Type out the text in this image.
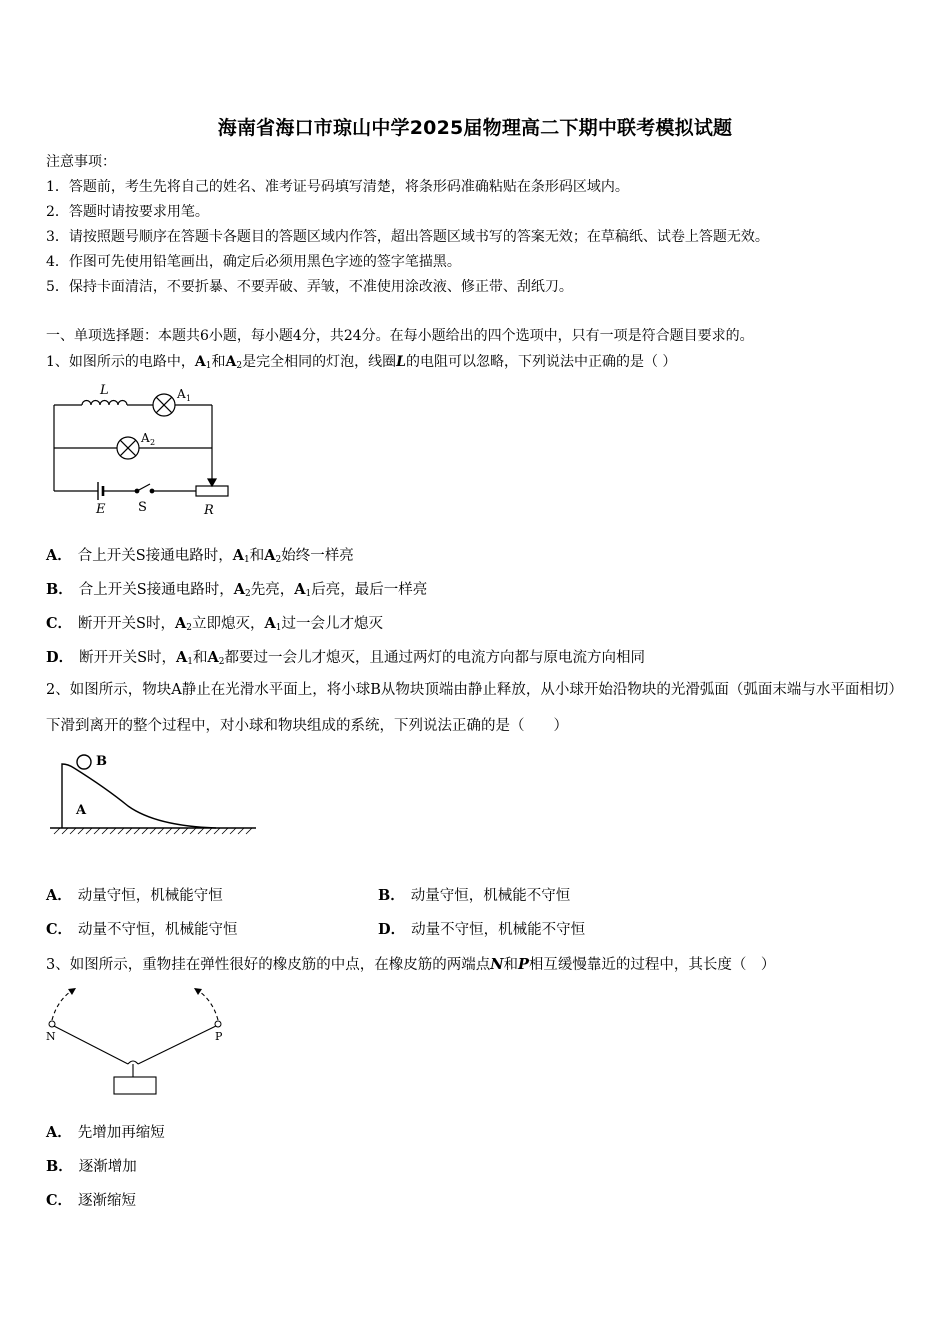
海南省海口市琼山中学2025届物理高二下期中联考模拟试题
注意事项：
1．答题前，考生先将自己的姓名、准考证号码填写清楚，将条形码准确粘贴在条形码区域内。
2．答题时请按要求用笔。
3．请按照题号顺序在答题卡各题目的答题区域内作答，超出答题区域书写的答案无效；在草稿纸、试卷上答题无效。
4．作图可先使用铅笔画出，确定后必须用黑色字迹的签字笔描黑。
5．保持卡面清洁，不要折暴、不要弄破、弄皱，不准使用涂改液、修正带、刮纸刀。
一、单项选择题：本题共6小题，每小题4分，共24分。在每小题给出的四个选项中，只有一项是符合题目要求的。
1、如图所示的电路中，$A_1$和$A_2$是完全相同的灯泡，线圈L的电阻可以忽略，下列说法中正确的是（ ）
L	A 1
A 2
E	S	R
A． 合上开关S接通电路时，$A_1$和$A_2$始终一样亮
B． 合上开关S接通电路时，$A_2$先亮，$A_1$后亮，最后一样亮
C． 断开开关S时，$A_2$立即熄灭，$A_1$过一会儿才熄灭
D． 断开开关S时，$A_1$和$A_2$都要过一会儿才熄灭，且通过两灯的电流方向都与原电流方向相同
2、如图所示，物块A静止在光滑水平面上，将小球B从物块顶端由静止释放，从小球开始沿物块的光滑弧面（弧面末端与水平面相切）下滑到离开的整个过程中，对小球和物块组成的系统，下列说法正确的是（　　）
B
A
A． 动量守恒，机械能守恒	B． 动量守恒，机械能不守恒
C． 动量不守恒，机械能守恒	D． 动量不守恒，机械能不守恒
3、如图所示，重物挂在弹性很好的橡皮筋的中点，在橡皮筋的两端点N和P相互缓慢靠近的过程中，其长度（　）
N	P
A． 先增加再缩短
B． 逐渐增加
C． 逐渐缩短
